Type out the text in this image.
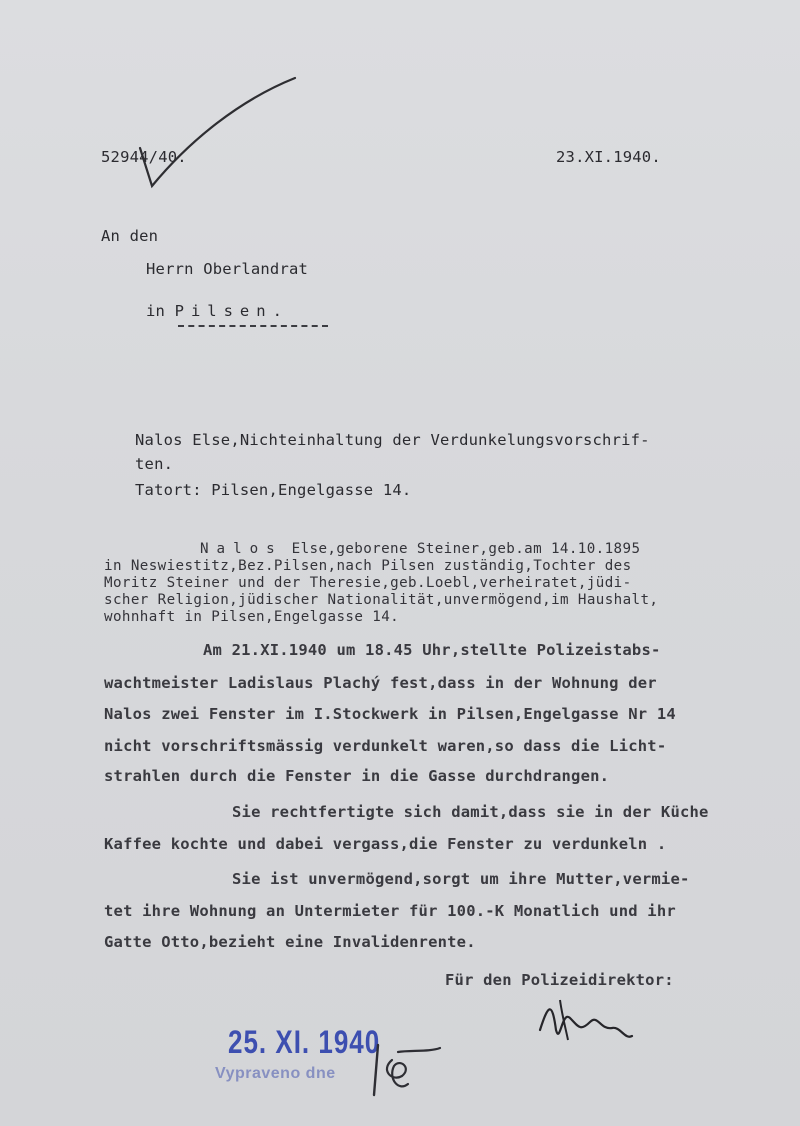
52944/40.	23.XI.1940.
An den
Herrn Oberlandrat
in Pilsen.
Nalos Else,Nichteinhaltung der Verdunkelungsvorschrif-
ten.
Tatort: Pilsen,Engelgasse 14.
Nalos Else,geborene Steiner,geb.am 14.10.1895
in Neswiestitz,Bez.Pilsen,nach Pilsen zuständig,Tochter des
Moritz Steiner und der Theresie,geb.Loebl,verheiratet,jüdi-
scher Religion,jüdischer Nationalität,unvermögend,im Haushalt,
wohnhaft in Pilsen,Engelgasse 14.
Am 21.XI.1940 um 18.45 Uhr,stellte Polizeistabs-
wachtmeister Ladislaus Plachý fest,dass in der Wohnung der
Nalos zwei Fenster im I.Stockwerk in Pilsen,Engelgasse Nr 14
nicht vorschriftsmässig verdunkelt waren,so dass die Licht-
strahlen durch die Fenster in die Gasse durchdrangen.
Sie rechtfertigte sich damit,dass sie in der Küche
Kaffee kochte und dabei vergass,die Fenster zu verdunkeln .
Sie ist unvermögend,sorgt um ihre Mutter,vermie-
tet ihre Wohnung an Untermieter für 100.-K Monatlich und ihr
Gatte Otto,bezieht eine Invalidenrente.
Für den Polizeidirektor:
25. XI. 1940
Vypraveno dne
